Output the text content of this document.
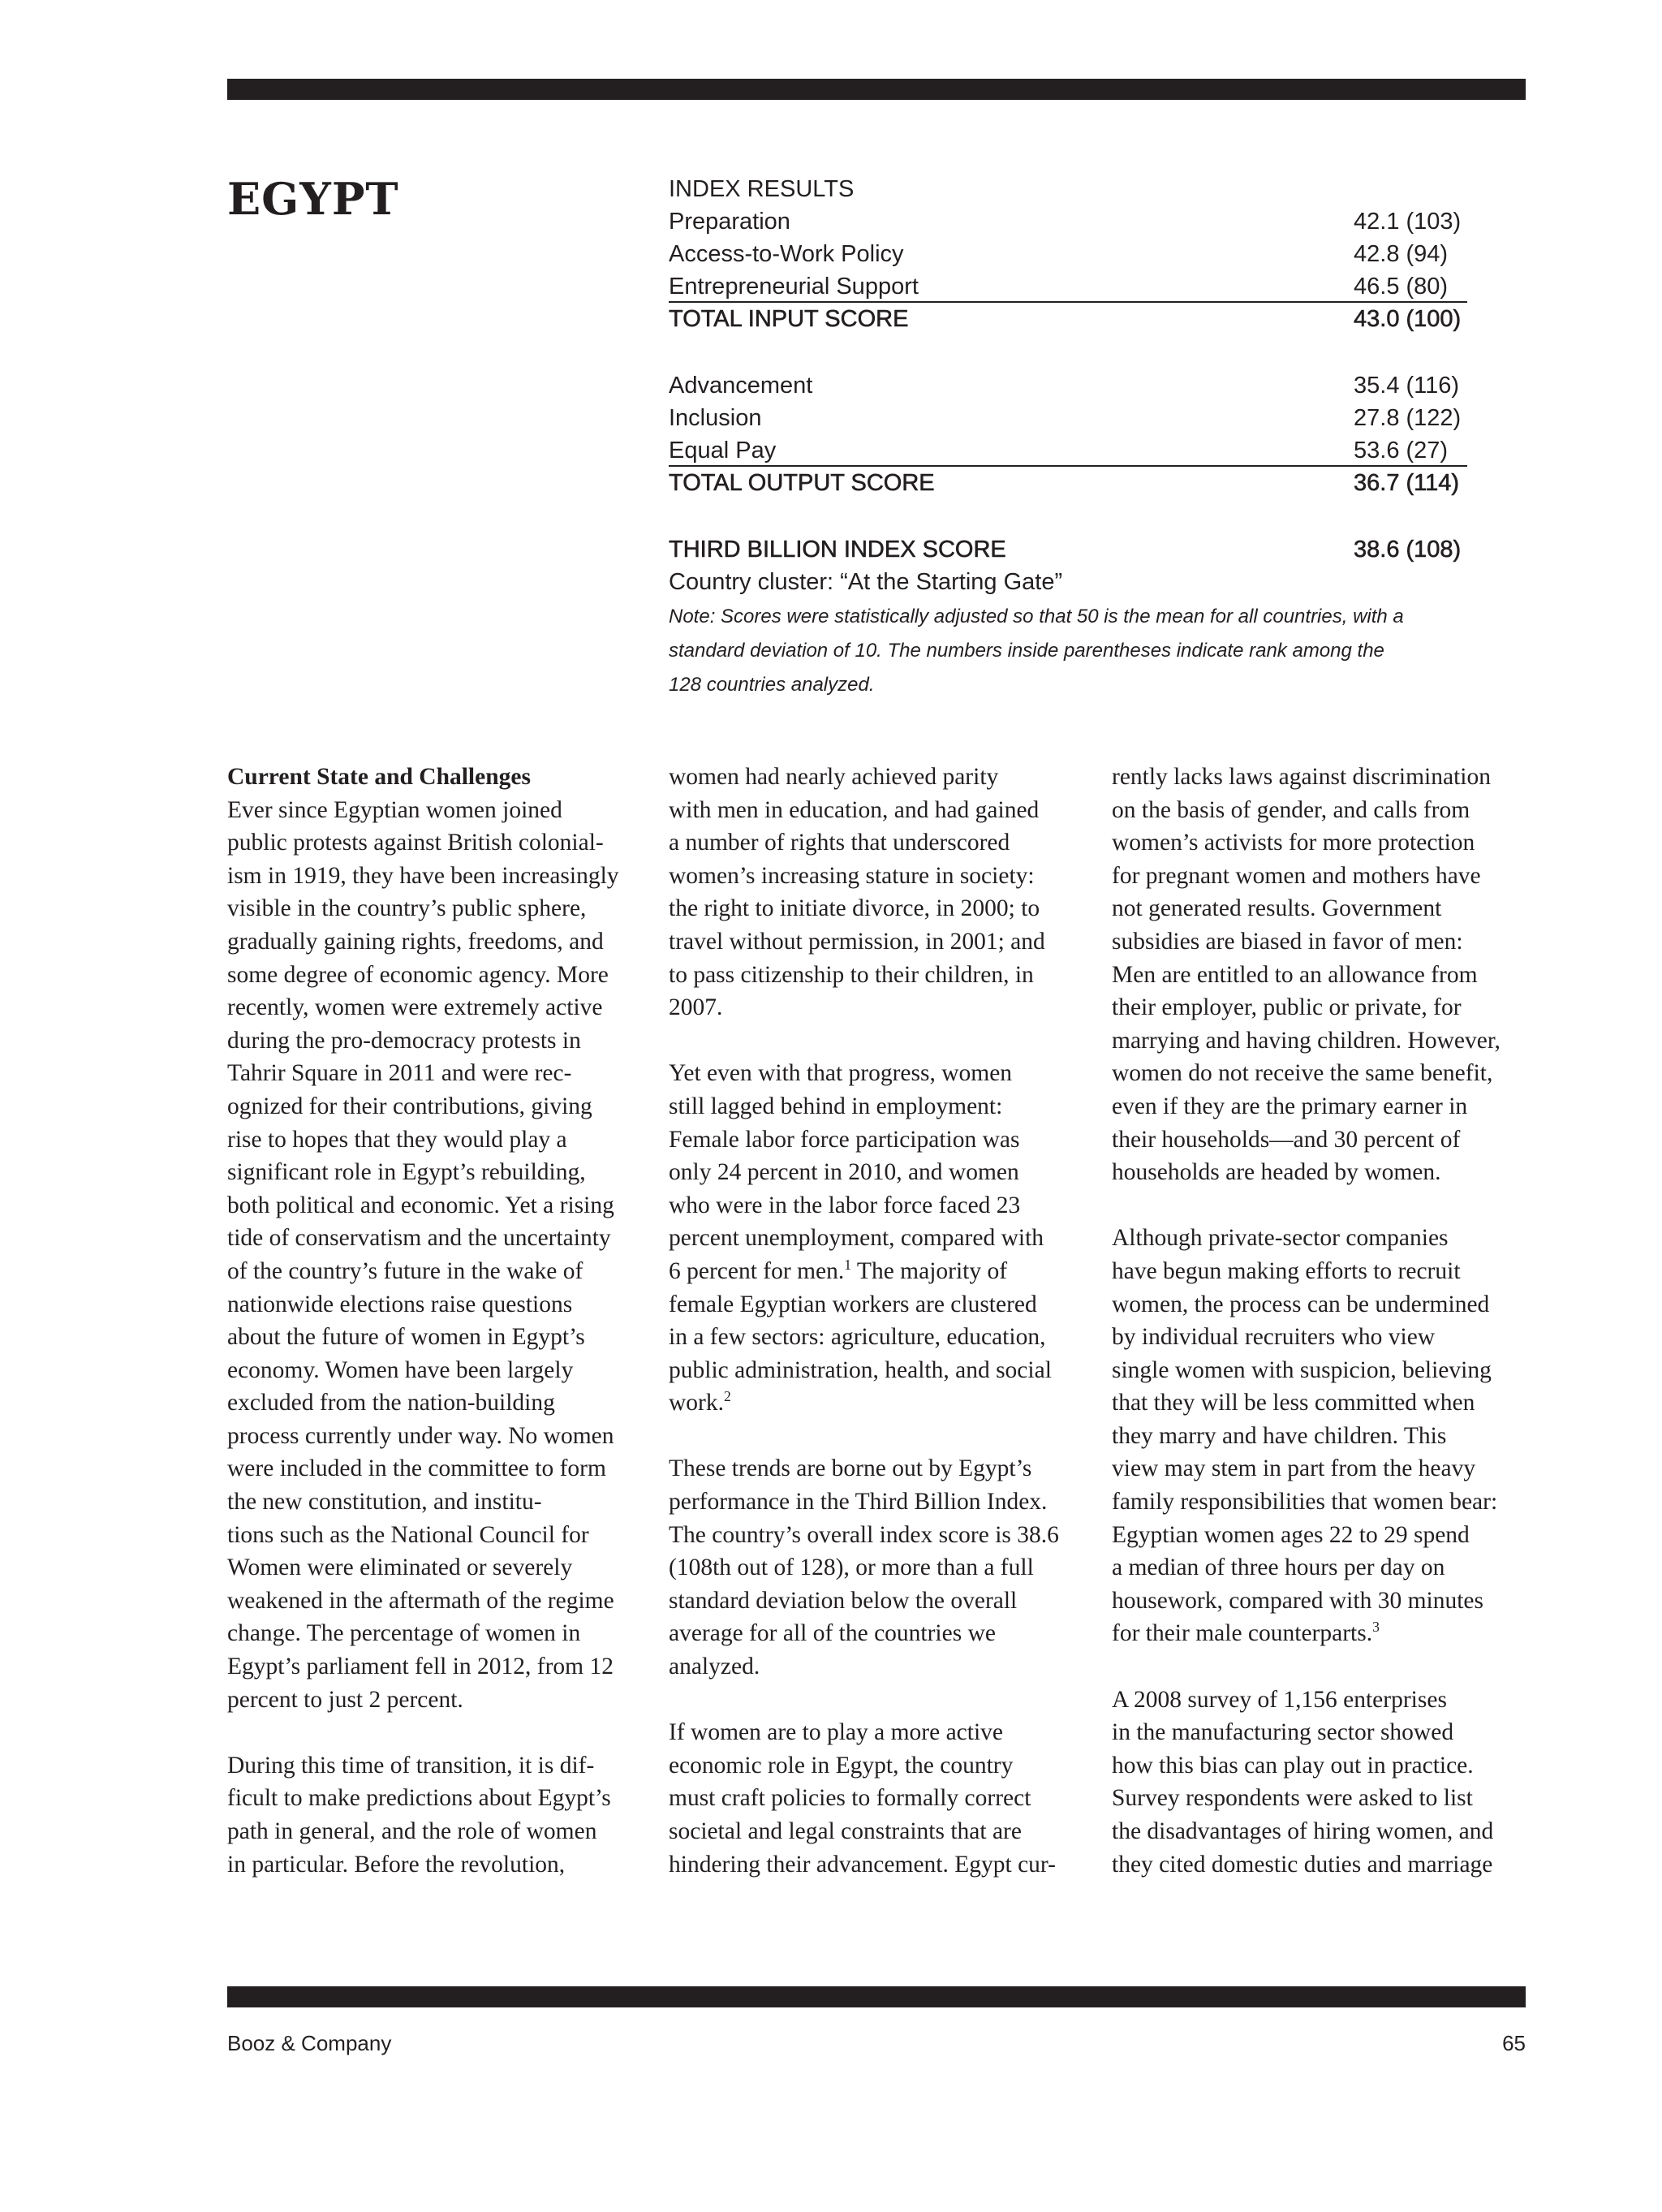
EGYPT	INDEX RESULTS
Preparation	42.1 (103)
Access-to-Work Policy	42.8 (94)
Entrepreneurial Support	46.5 (80)
TOTAL INPUT SCORE	43.0 (100)
Advancement	35.4 (116)
Inclusion	27.8 (122)
Equal Pay	53.6 (27)
TOTAL OUTPUT SCORE	36.7 (114)
THIRD BILLION INDEX SCORE	38.6 (108)
Country cluster: “At the Starting Gate”
Note: Scores were statistically adjusted so that 50 is the mean for all countries, with a
standard deviation of 10. The numbers inside parentheses indicate rank among the
128 countries analyzed.
Current State and Challenges

Ever since Egyptian women joined
public protests against British colonial-
ism in 1919, they have been increasingly
visible in the country’s public sphere,
gradually gaining rights, freedoms, and
some degree of economic agency. More
recently, women were extremely active
during the pro-democracy protests in
Tahrir Square in 2011 and were rec-
ognized for their contributions, giving
rise to hopes that they would play a
significant role in Egypt’s rebuilding,
both political and economic. Yet a rising
tide of conservatism and the uncertainty
of the country’s future in the wake of
nationwide elections raise questions
about the future of women in Egypt’s
economy. Women have been largely
excluded from the nation-building
process currently under way. No women
were included in the committee to form
the new constitution, and institu-
tions such as the National Council for
Women were eliminated or severely
weakened in the aftermath of the regime
change. The percentage of women in
Egypt’s parliament fell in 2012, from 12
percent to just 2 percent.

During this time of transition, it is dif-
ficult to make predictions about Egypt’s
path in general, and the role of women
in particular. Before the revolution,

women had nearly achieved parity
with men in education, and had gained
a number of rights that underscored
women’s increasing stature in society:
the right to initiate divorce, in 2000; to
travel without permission, in 2001; and
to pass citizenship to their children, in
2007.

Yet even with that progress, women
still lagged behind in employment:
Female labor force participation was
only 24 percent in 2010, and women
who were in the labor force faced 23
percent unemployment, compared with
6 percent for men.$^1$ The majority of
female Egyptian workers are clustered
in a few sectors: agriculture, education,
public administration, health, and social
work.$^2$

These trends are borne out by Egypt’s
performance in the Third Billion Index.
The country’s overall index score is 38.6
(108th out of 128), or more than a full
standard deviation below the overall
average for all of the countries we
analyzed.

If women are to play a more active
economic role in Egypt, the country
must craft policies to formally correct
societal and legal constraints that are
hindering their advancement. Egypt cur-

rently lacks laws against discrimination
on the basis of gender, and calls from
women’s activists for more protection
for pregnant women and mothers have
not generated results. Government
subsidies are biased in favor of men:
Men are entitled to an allowance from
their employer, public or private, for
marrying and having children. However,
women do not receive the same benefit,
even if they are the primary earner in
their households—and 30 percent of
households are headed by women.

Although private-sector companies
have begun making efforts to recruit
women, the process can be undermined
by individual recruiters who view
single women with suspicion, believing
that they will be less committed when
they marry and have children. This
view may stem in part from the heavy
family responsibilities that women bear:
Egyptian women ages 22 to 29 spend
a median of three hours per day on
housework, compared with 30 minutes
for their male counterparts.$^3$

A 2008 survey of 1,156 enterprises
in the manufacturing sector showed
how this bias can play out in practice.
Survey respondents were asked to list
the disadvantages of hiring women, and
they cited domestic duties and marriage

Booz & Company	65
